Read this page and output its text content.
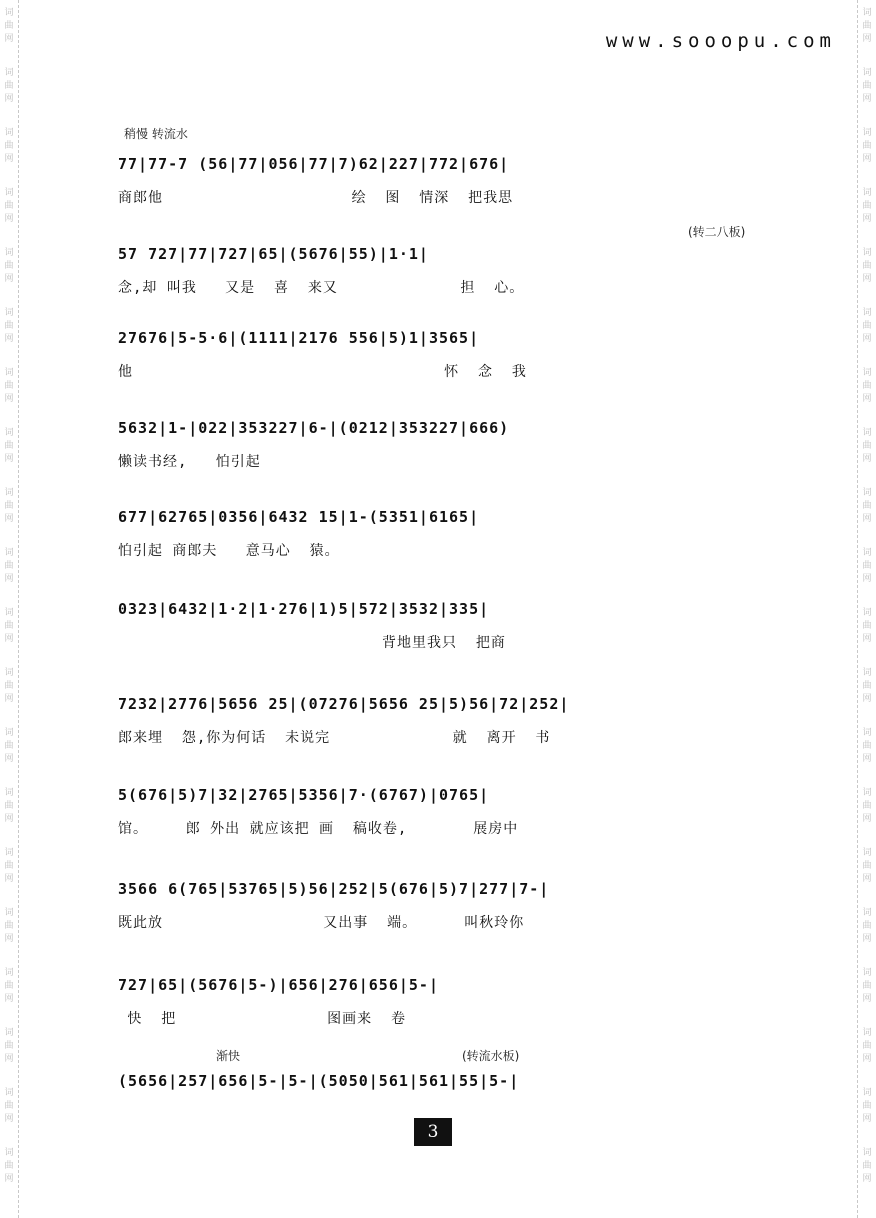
词
曲
网
词
曲
网
词
曲
网
词
曲
网
词
曲
网
词
曲
网
词
曲
网
词
曲
网
词
曲
网
词
曲
网
词
曲
网
词
曲
网
词
曲
网
词
曲
网
词
曲
网
词
曲
网
词
曲
网
词
曲
网
词
曲
网
词
曲
网
词
曲
网
词
曲
网
词
曲
网
词
曲
网
词
曲
网
词
曲
网
词
曲
网
词
曲
网
词
曲
网
词
曲
网
词
曲
网
词
曲
网
词
曲
网
词
曲
网
词
曲
网
词
曲
网
词
曲
网
词
曲
网
词
曲
网
词
曲
网
www.sooopu.com
稍慢 转流水
(转二八板)
渐快	(转流水板)
77|77-7 (56|77|056|77|7)62|227|772|676|
商郎他                    绘  图  情深  把我思
57 727|77|727|65|(5676|55)|1·1|
念,却 叫我   又是  喜  来又             担  心。
27676|5-5·6|(1111|2176 556|5)1|3565|
他                                 怀  念  我
5632|1-|022|353227|6-|(0212|353227|666)
懒读书经,   怕引起
677|62765|0356|6432 15|1-(5351|6165|
怕引起 商郎夫   意马心  猿。
0323|6432|1·2|1·276|1)5|572|3532|335|
背地里我只  把商
7232|2776|5656 25|(07276|5656 25|5)56|72|252|
郎来埋  怨,你为何话  未说完             就  离开  书
5(676|5)7|32|2765|5356|7·(6767)|0765|
馆。    郎 外出 就应该把 画  稿收卷,       展房中
3566 6(765|53765|5)56|252|5(676|5)7|277|7-|
既此放                 又出事  端。     叫秋玲你
727|65|(5676|5-)|656|276|656|5-|
快  把                图画来  卷
(5656|257|656|5-|5-|(5050|561|561|55|5-|
3
